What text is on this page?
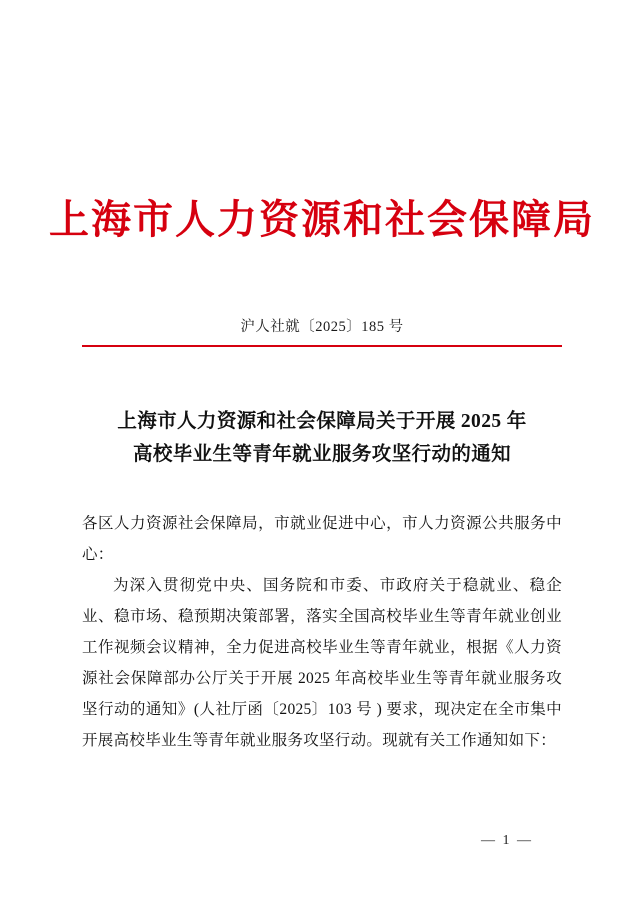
上海市人力资源和社会保障局
沪人社就〔2025〕185 号
上海市人力资源和社会保障局关于开展 2025 年
高校毕业生等青年就业服务攻坚行动的通知

各区人力资源社会保障局，市就业促进中心，市人力资源公共服务中心：

为深入贯彻党中央、国务院和市委、市政府关于稳就业、稳企业、稳市场、稳预期决策部署，落实全国高校毕业生等青年就业创业工作视频会议精神，全力促进高校毕业生等青年就业，根据《人力资源社会保障部办公厅关于开展 2025 年高校毕业生等青年就业服务攻坚行动的通知》(人社厅函〔2025〕103 号 ) 要求，现决定在全市集中开展高校毕业生等青年就业服务攻坚行动。现就有关工作通知如下：

— 1 —
